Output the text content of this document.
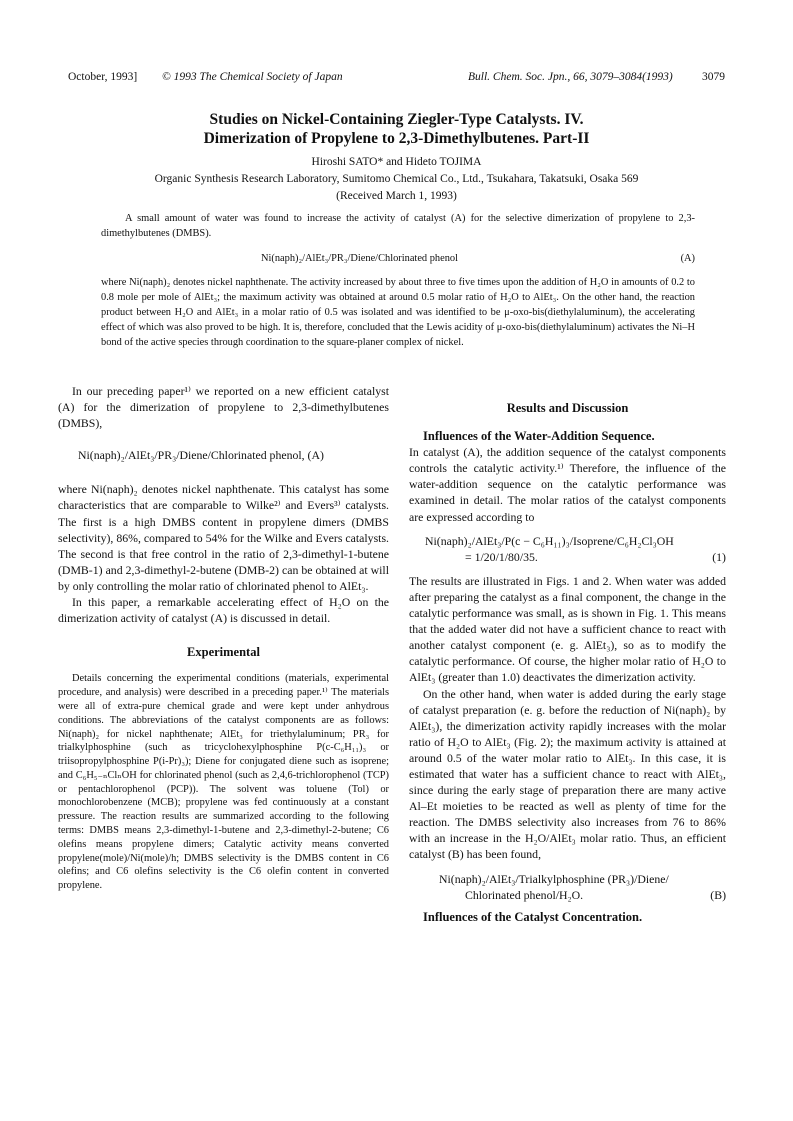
October, 1993] © 1993 The Chemical Society of Japan	Bull. Chem. Soc. Jpn., 66, 3079–3084(1993)	3079
Studies on Nickel-Containing Ziegler-Type Catalysts. IV.
Dimerization of Propylene to 2,3-Dimethylbutenes. Part-II
Hiroshi SATO* and Hideto TOJIMA
Organic Synthesis Research Laboratory, Sumitomo Chemical Co., Ltd., Tsukahara, Takatsuki, Osaka 569
(Received March 1, 1993)

A small amount of water was found to increase the activity of catalyst (A) for the selective dimerization of propylene to 2,3-dimethylbutenes (DMBS).

Ni(naph)₂/AlEt₃/PR₃/Diene/Chlorinated phenol	(A)

where Ni(naph)₂ denotes nickel naphthenate. The activity increased by about three to five times upon the addition of H₂O in amounts of 0.2 to 0.8 mole per mole of AlEt₃; the maximum activity was obtained at around 0.5 molar ratio of H₂O to AlEt₃. On the other hand, the reaction product between H₂O and AlEt₃ in a molar ratio of 0.5 was isolated and was identified to be μ-oxo-bis(diethylaluminum), the accelerating effect of which was also proved to be high. It is, therefore, concluded that the Lewis acidity of μ-oxo-bis(diethylaluminum) activates the Ni–H bond of the active species through coordination to the square-planer complex of nickel.

In our preceding paper¹⁾ we reported on a new efficient catalyst (A) for the dimerization of propylene to 2,3-dimethylbutenes (DMBS),

Ni(naph)₂/AlEt₃/PR₃/Diene/Chlorinated phenol, (A)

where Ni(naph)₂ denotes nickel naphthenate. This catalyst has some characteristics that are comparable to Wilke²⁾ and Evers³⁾ catalysts. The first is a high DMBS content in propylene dimers (DMBS selectivity), 86%, compared to 54% for the Wilke and Evers catalysts. The second is that free control in the ratio of 2,3-dimethyl-1-butene (DMB-1) and 2,3-dimethyl-2-butene (DMB-2) can be obtained at will by only controlling the molar ratio of chlorinated phenol to AlEt₃.

In this paper, a remarkable accelerating effect of H₂O on the dimerization activity of catalyst (A) is discussed in detail.

Experimental

Details concerning the experimental conditions (materials, experimental procedure, and analysis) were described in a preceding paper.¹⁾ The materials were all of extra-pure chemical grade and were kept under anhydrous conditions. The abbreviations of the catalyst components are as follows: Ni(naph)₂ for nickel naphthenate; AlEt₃ for triethylaluminum; PR₃ for trialkylphosphine (such as tricyclohexylphosphine P(c-C₆H₁₁)₃ or triisopropylphosphine P(i-Pr)₃); Diene for conjugated diene such as isoprene; and C₆H₅₋ₙClₙOH for chlorinated phenol (such as 2,4,6-trichlorophenol (TCP) or pentachlorophenol (PCP)). The solvent was toluene (Tol) or monochlorobenzene (MCB); propylene was fed continuously at a constant pressure. The reaction results are summarized according to the following terms: DMBS means 2,3-dimethyl-1-butene and 2,3-dimethyl-2-butene; C6 olefins means propylene dimers; Catalytic activity means converted propylene(mole)/Ni(mole)/h; DMBS selectivity is the DMBS content in C6 olefins; and C6 olefins selectivity is the C6 olefin content in converted propylene.

Results and Discussion
Influences of the Water-Addition Sequence.

In catalyst (A), the addition sequence of the catalyst components controls the catalytic activity.¹⁾ Therefore, the influence of the water-addition sequence on the catalytic performance was examined in detail. The molar ratios of the catalyst components are expressed according to

Ni(naph)₂/AlEt₃/P(c − C₆H₁₁)₃/Isoprene/C₆H₂Cl₃OH
= 1/20/1/80/35.	(1)

The results are illustrated in Figs. 1 and 2. When water was added after preparing the catalyst as a final component, the change in the catalytic performance was small, as is shown in Fig. 1. This means that the added water did not have a sufficient chance to react with another catalyst component (e. g. AlEt₃), so as to modify the catalytic performance. Of course, the higher molar ratio of H₂O to AlEt₃ (greater than 1.0) deactivates the dimerization activity.

On the other hand, when water is added during the early stage of catalyst preparation (e. g. before the reduction of Ni(naph)₂ by AlEt₃), the dimerization activity rapidly increases with the molar ratio of H₂O to AlEt₃ (Fig. 2); the maximum activity is attained at around 0.5 of the water molar ratio to AlEt₃. In this case, it is estimated that water has a sufficient chance to react with AlEt₃, since during the early stage of preparation there are many active Al–Et moieties to be reacted as well as plenty of time for the reaction. The DMBS selectivity also increases from 76 to 86% with an increase in the H₂O/AlEt₃ molar ratio. Thus, an efficient catalyst (B) has been found,

Ni(naph)₂/AlEt₃/Trialkylphosphine (PR₃)/Diene/
Chlorinated phenol/H₂O.	(B)
Influences of the Catalyst Concentration.
